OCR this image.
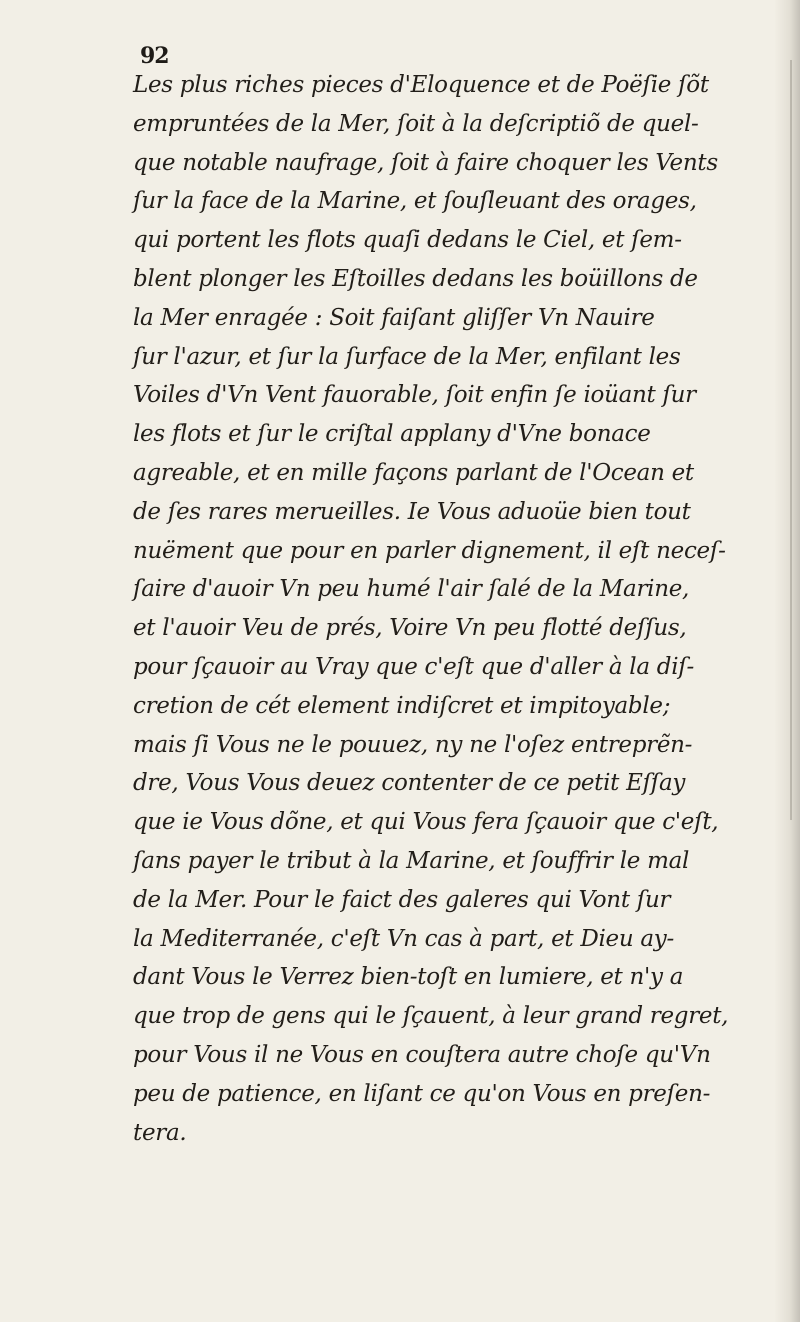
92
Les plus riches pieces d'Eloquence et de Poëſie ſõt
empruntées de la Mer, ſoit à la deſcriptiõ de quel-
que notable naufrage, ſoit à faire choquer les Vents
ſur la face de la Marine, et ſouſleuant des orages,
qui portent les flots quaſi dedans le Ciel, et ſem-
blent plonger les Eſtoilles dedans les boüillons de
la Mer enragée : Soit faiſant gliſſer Vn Nauire
ſur l'azur, et ſur la ſurface de la Mer, enfilant les
Voiles d'Vn Vent fauorable, ſoit enfin ſe ioüant ſur
les flots et ſur le criſtal applany d'Vne bonace
agreable, et en mille façons parlant de l'Ocean et
de ſes rares merueilles. Ie Vous aduoüe bien tout
nuëment que pour en parler dignement, il eſt neceſ-
ſaire d'auoir Vn peu humé l'air ſalé de la Marine,
et l'auoir Veu de prés, Voire Vn peu flotté deſſus,
pour ſçauoir au Vray que c'eſt que d'aller à la diſ-
cretion de cét element indiſcret et impitoyable;
mais ſi Vous ne le pouuez, ny ne l'oſez entreprẽn-
dre, Vous Vous deuez contenter de ce petit Eſſay
que ie Vous dõne, et qui Vous fera ſçauoir que c'eſt,
ſans payer le tribut à la Marine, et ſouffrir le mal
de la Mer. Pour le faict des galeres qui Vont ſur
la Mediterranée, c'eſt Vn cas à part, et Dieu ay-
dant Vous le Verrez bien-toſt en lumiere, et n'y a
que trop de gens qui le ſçauent, à leur grand regret,
pour Vous il ne Vous en couſtera autre choſe qu'Vn
peu de patience, en liſant ce qu'on Vous en preſen-
tera.
